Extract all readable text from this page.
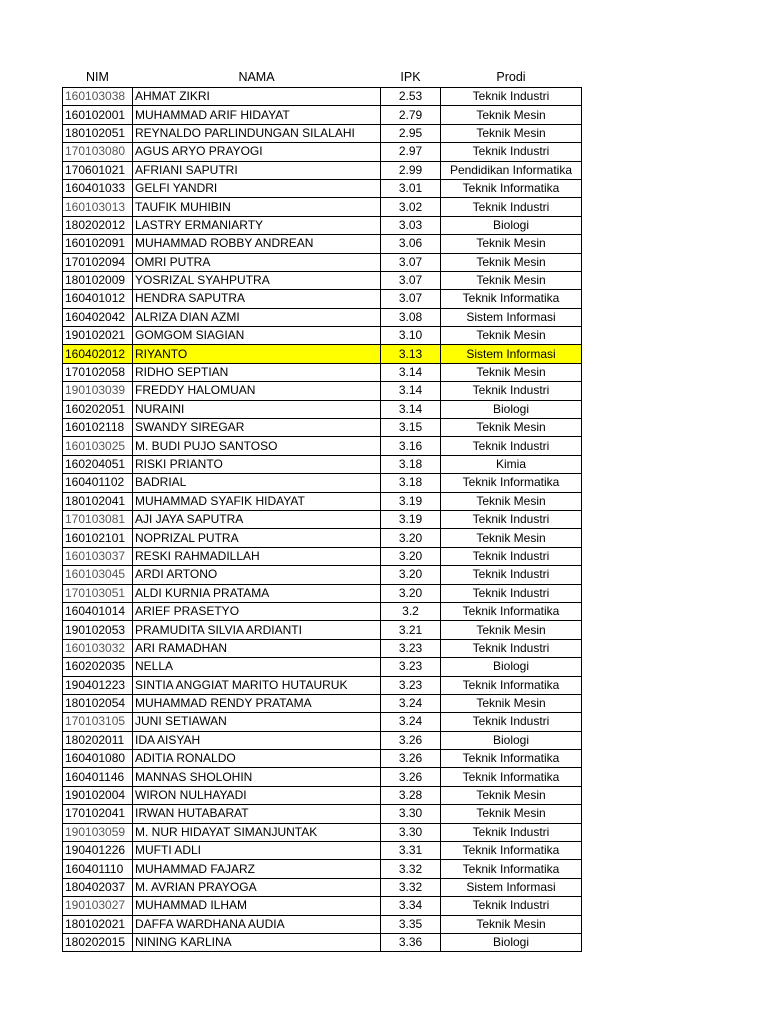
NIM	NAMA	IPK	Prodi
160103038	AHMAT ZIKRI	2.53	Teknik Industri
160102001	MUHAMMAD ARIF HIDAYAT	2.79	Teknik Mesin
180102051	REYNALDO PARLINDUNGAN SILALAHI	2.95	Teknik Mesin
170103080	AGUS ARYO PRAYOGI	2.97	Teknik Industri
170601021	AFRIANI SAPUTRI	2.99	Pendidikan Informatika
160401033	GELFI YANDRI	3.01	Teknik Informatika
160103013	TAUFIK MUHIBIN	3.02	Teknik Industri
180202012	LASTRY ERMANIARTY	3.03	Biologi
160102091	MUHAMMAD ROBBY ANDREAN	3.06	Teknik Mesin
170102094	OMRI PUTRA	3.07	Teknik Mesin
180102009	YOSRIZAL SYAHPUTRA	3.07	Teknik Mesin
160401012	HENDRA SAPUTRA	3.07	Teknik Informatika
160402042	ALRIZA DIAN AZMI	3.08	Sistem Informasi
190102021	GOMGOM SIAGIAN	3.10	Teknik Mesin
160402012	RIYANTO	3.13	Sistem Informasi
170102058	RIDHO SEPTIAN	3.14	Teknik Mesin
190103039	FREDDY HALOMUAN	3.14	Teknik Industri
160202051	NURAINI	3.14	Biologi
160102118	SWANDY SIREGAR	3.15	Teknik Mesin
160103025	M. BUDI PUJO SANTOSO	3.16	Teknik Industri
160204051	RISKI PRIANTO	3.18	Kimia
160401102	BADRIAL	3.18	Teknik Informatika
180102041	MUHAMMAD SYAFIK HIDAYAT	3.19	Teknik Mesin
170103081	AJI JAYA SAPUTRA	3.19	Teknik Industri
160102101	NOPRIZAL PUTRA	3.20	Teknik Mesin
160103037	RESKI RAHMADILLAH	3.20	Teknik Industri
160103045	ARDI ARTONO	3.20	Teknik Industri
170103051	ALDI KURNIA PRATAMA	3.20	Teknik Industri
160401014	ARIEF PRASETYO	3.2	Teknik Informatika
190102053	PRAMUDITA SILVIA ARDIANTI	3.21	Teknik Mesin
160103032	ARI RAMADHAN	3.23	Teknik Industri
160202035	NELLA	3.23	Biologi
190401223	SINTIA ANGGIAT MARITO HUTAURUK	3.23	Teknik Informatika
180102054	MUHAMMAD RENDY PRATAMA	3.24	Teknik Mesin
170103105	JUNI SETIAWAN	3.24	Teknik Industri
180202011	IDA AISYAH	3.26	Biologi
160401080	ADITIA RONALDO	3.26	Teknik Informatika
160401146	MANNAS SHOLOHIN	3.26	Teknik Informatika
190102004	WIRON NULHAYADI	3.28	Teknik Mesin
170102041	IRWAN HUTABARAT	3.30	Teknik Mesin
190103059	M. NUR HIDAYAT SIMANJUNTAK	3.30	Teknik Industri
190401226	MUFTI ADLI	3.31	Teknik Informatika
160401110	MUHAMMAD FAJARZ	3.32	Teknik Informatika
180402037	M. AVRIAN PRAYOGA	3.32	Sistem Informasi
190103027	MUHAMMAD ILHAM	3.34	Teknik Industri
180102021	DAFFA WARDHANA AUDIA	3.35	Teknik Mesin
180202015	NINING KARLINA	3.36	Biologi
